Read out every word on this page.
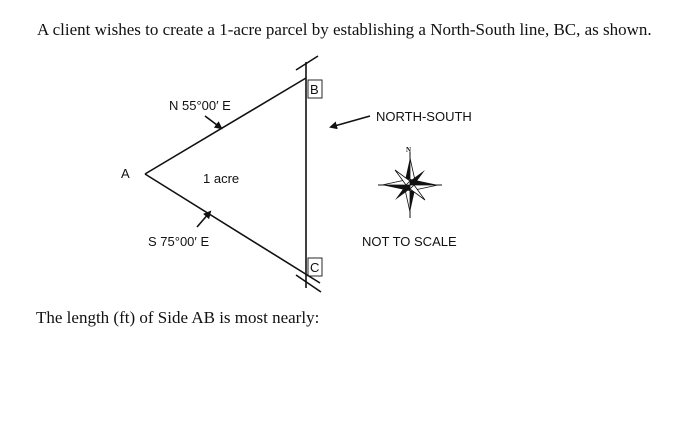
A client wishes to create a 1-acre parcel by establishing a North-South line, BC, as shown.

A
B
C
N 55°00′ E
S 75°00′ E
1 acre
NORTH-SOUTH
N
NOT TO SCALE

The length (ft) of Side AB is most nearly:
